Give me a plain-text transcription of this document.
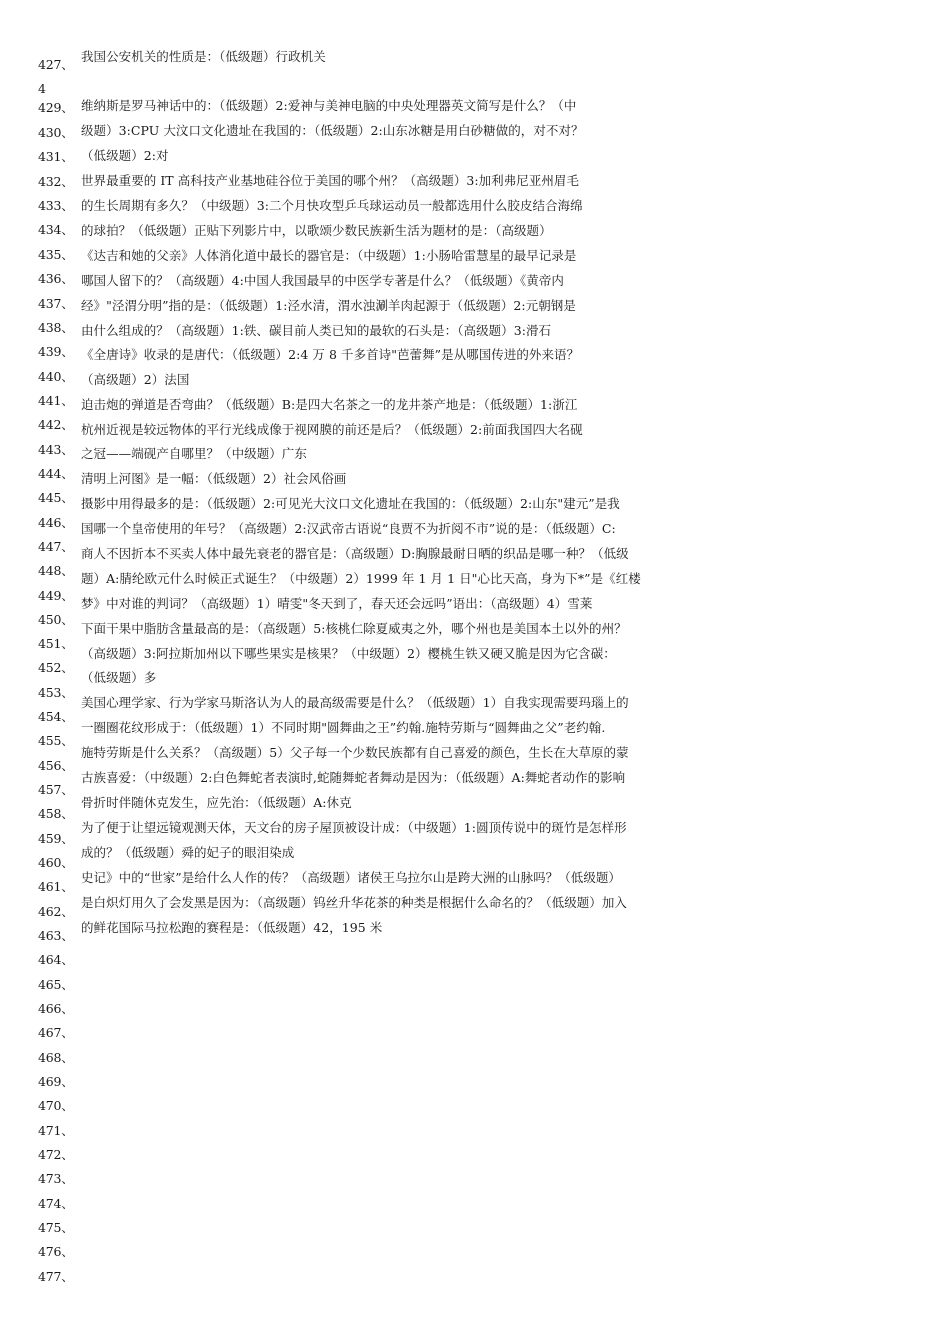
427、
4
429、
430、
431、
432、
433、
434、
435、
436、
437、
438、
439、
440、
441、
442、
443、
444、
445、
446、
447、
448、
449、
450、
451、
452、
453、
454、
455、
456、
457、
458、
459、
460、
461、
462、
463、
464、
465、
466、
467、
468、
469、
470、
471、
472、
473、
474、
475、
476、
477、
我国公安机关的性质是：（低级题）行政机关
维纳斯是罗马神话中的：（低级题）2:爱神与美神电脑的中央处理器英文简写是什么？（中
级题）3:CPU 大汶口文化遗址在我国的：（低级题）2:山东冰糖是用白砂糖做的，对不对？
（低级题）2:对
世界最重要的 IT 高科技产业基地硅谷位于美国的哪个州？（高级题）3:加利弗尼亚州眉毛
的生长周期有多久？（中级题）3:二个月快攻型乒乓球运动员一般都选用什么胶皮结合海绵
的球拍？（低级题）正贴下列影片中，以歌颂少数民族新生活为题材的是：（高级题）
《达吉和她的父亲》人体消化道中最长的器官是：（中级题）1:小肠哈雷慧星的最早记录是
哪国人留下的？（高级题）4:中国人我国最早的中医学专著是什么？（低级题）《黄帝内
经》"泾渭分明”指的是：（低级题）1:泾水清，渭水浊涮羊肉起源于（低级题）2:元朝钢是
由什么组成的？（高级题）1:铁、碳目前人类已知的最软的石头是：（高级题）3:滑石
《全唐诗》收录的是唐代：（低级题）2:4 万 8 千多首诗"芭蕾舞”是从哪国传进的外来语？
（高级题）2）法国
迫击炮的弹道是否弯曲？（低级题）B:是四大名茶之一的龙井茶产地是：（低级题）1:浙江
杭州近视是较远物体的平行光线成像于视网膜的前还是后？（低级题）2:前面我国四大名砚
之冠——端砚产自哪里？（中级题）广东
清明上河图》是一幅：（低级题）2）社会风俗画
摄影中用得最多的是：（低级题）2:可见光大汶口文化遗址在我国的：（低级题）2:山东"建元”是我
国哪一个皇帝使用的年号？（高级题）2:汉武帝古语说“良贾不为折阅不市”说的是：（低级题）C:
商人不因折本不买卖人体中最先衰老的器官是：（高级题）D:胸腺最耐日晒的织品是哪一种？（低级
题）A:腈纶欧元什么时候正式诞生？（中级题）2）1999 年 1 月 1 日"心比天高，身为下*”是《红楼
梦》中对谁的判词？（高级题）1）晴雯"冬天到了，春天还会远吗”语出：（高级题）4）雪莱
下面干果中脂肪含量最高的是：（高级题）5:核桃仁除夏威夷之外，哪个州也是美国本土以外的州？
（高级题）3:阿拉斯加州以下哪些果实是核果？（中级题）2）樱桃生铁又硬又脆是因为它含碳：
（低级题）多
美国心理学家、行为学家马斯洛认为人的最高级需要是什么？（低级题）1）自我实现需要玛瑙上的
一圈圈花纹形成于：（低级题）1）不同时期"圆舞曲之王”约翰.施特劳斯与“圆舞曲之父”老约翰.
施特劳斯是什么关系？（高级题）5）父子每一个少数民族都有自己喜爱的颜色，生长在大草原的蒙
古族喜爱：（中级题）2:白色舞蛇者表演时,蛇随舞蛇者舞动是因为：（低级题）A:舞蛇者动作的影响
骨折时伴随休克发生，应先治：（低级题）A:休克
为了便于让望远镜观测天体，天文台的房子屋顶被设计成：（中级题）1:圆顶传说中的斑竹是怎样形
成的？（低级题）舜的妃子的眼泪染成
史记》中的“世家”是给什么人作的传？（高级题）诸侯王乌拉尔山是跨大洲的山脉吗？（低级题）
是白炽灯用久了会发黑是因为：（高级题）钨丝升华花茶的种类是根据什么命名的？（低级题）加入
的鲜花国际马拉松跑的赛程是：（低级题）42，195 米
